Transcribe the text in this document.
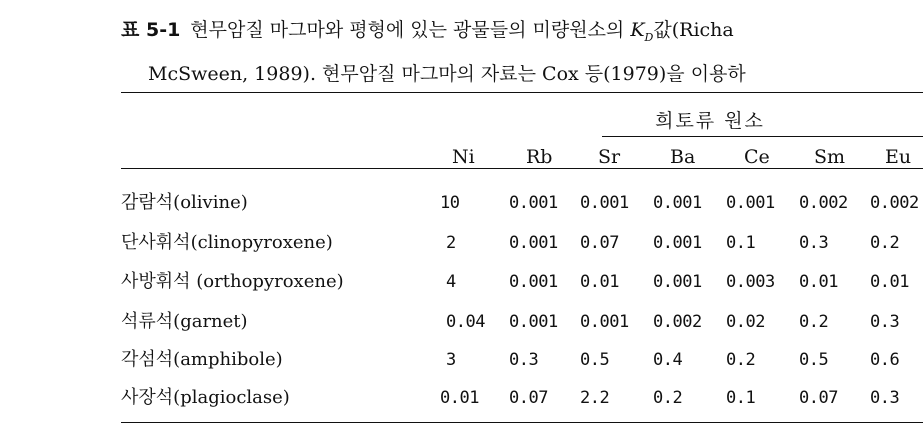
표 5-1 현무암질 마그마와 평형에 있는 광물들의 미량원소의 $K_D$값(Richa
McSween, 1989). 현무암질 마그마의 자료는 Cox 등(1979)을 이용하
희토류 원소
Ni	Rb Sr	Ba	Ce Sm Eu
감람석(olivine)	10	0.001 0.001 0.001 0.001 0.002 0.002
단사휘석(clinopyroxene)	2	0.001 0.07 0.001 0.1	0.3 0.2
사방휘석 (orthopyroxene)	4	0.001 0.01 0.001 0.003 0.01 0.01
석류석(garnet)	0.04 0.001 0.001 0.002 0.02 0.2 0.3
각섬석(amphibole)	3	0.3 0.5	0.4	0.2	0.5 0.6
사장석(plagioclase)	0.01 0.07 2.2	0.2	0.1	0.07 0.3
